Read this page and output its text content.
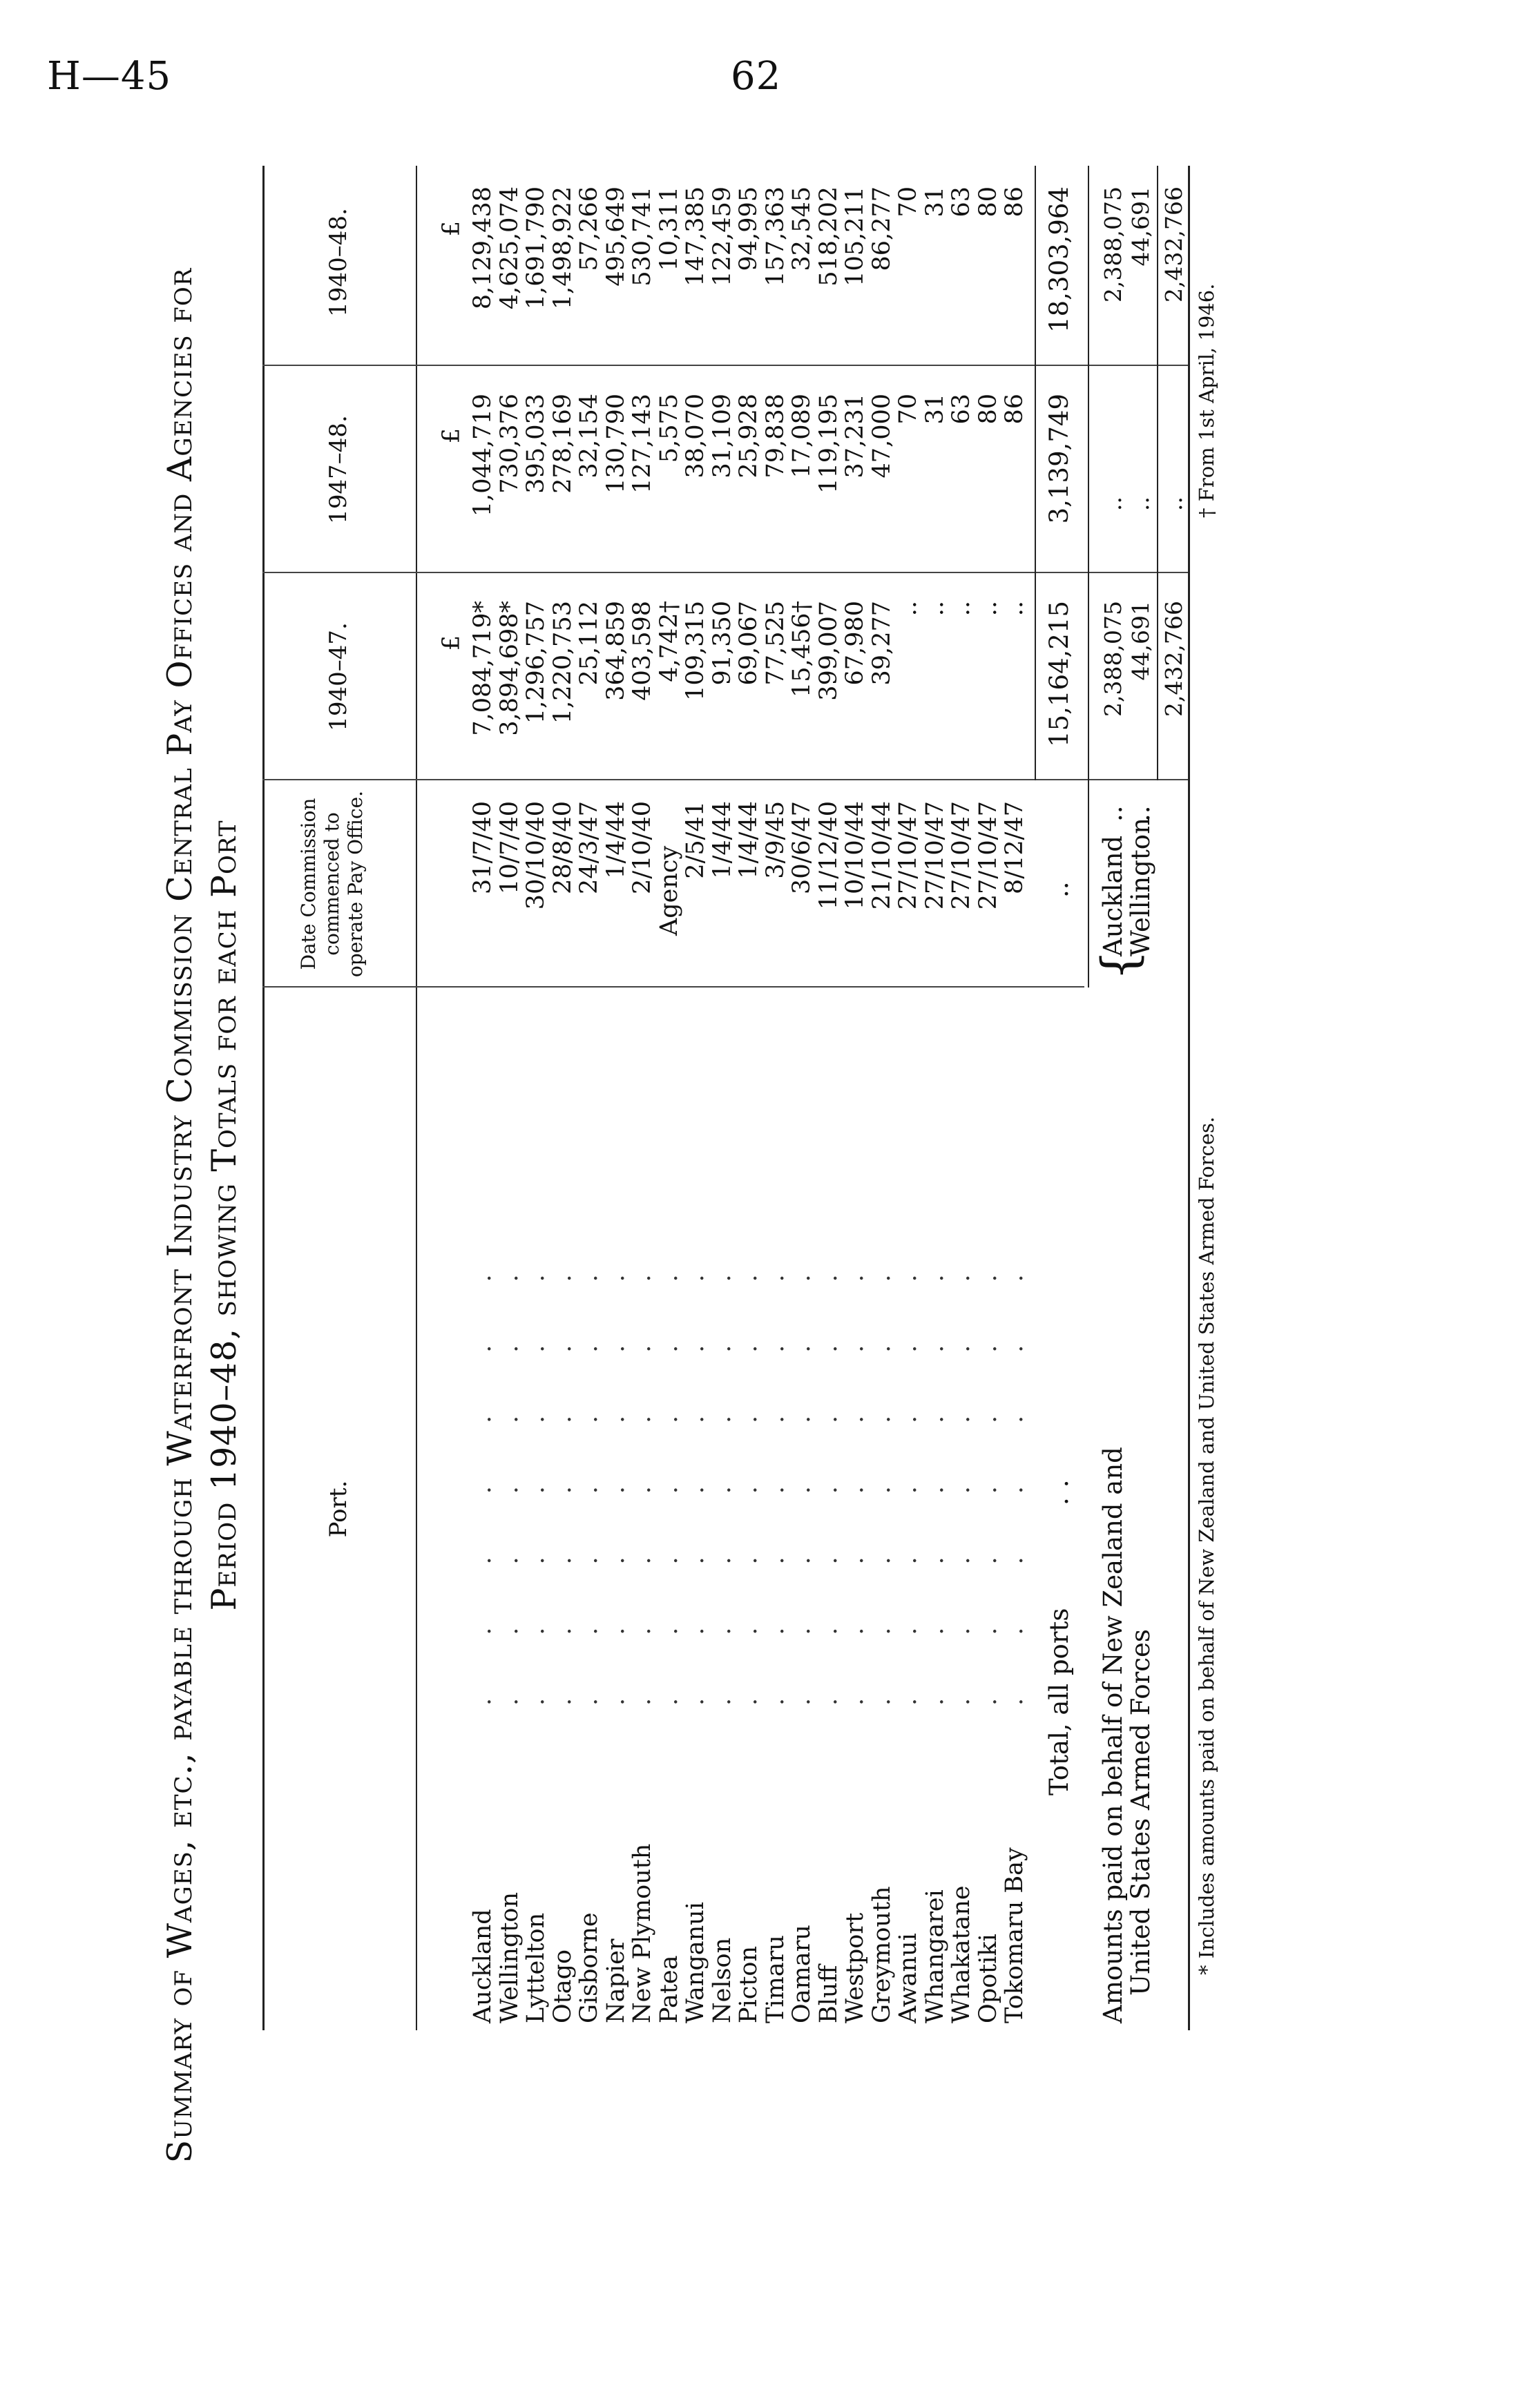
H—45	62
Summary of Wages, etc., payable through Waterfront Industry Commission Central Pay Offices and Agencies for Period 1940–48, showing Totals for each Port	Port.
Date Commission commenced to operate Pay Office.
1940–47.
1947–48.
1940–48.
£
£
£
Auckland
. . . . . . .
Wellington
. . . . . . .
Lyttelton
. . . . . . .
Otago
. . . . . . .
Gisborne
. . . . . . .
Napier
. . . . . . .
New Plymouth
. . . . . . .
Patea
. . . . . . .
Wanganui
. . . . . . .
Nelson
. . . . . . .
Picton
. . . . . . .
Timaru
. . . . . . .
Oamaru
. . . . . . .
Bluff
. . . . . . .
Westport
. . . . . . .
Greymouth
. . . . . . .
Awanui
. . . . . . .
Whangarei
. . . . . . .
Whakatane
. . . . . . .
Opotiki
. . . . . . .
Tokomaru Bay
. . . . . . .
31/7/40
10/7/40
30/10/40
28/8/40
24/3/47
1/4/44
2/10/40
Agency
2/5/41
1/4/44
1/4/44
3/9/45
30/6/47
11/12/40
10/10/44
21/10/44
27/10/47
27/10/47
27/10/47
27/10/47
8/12/47
7,084,719*
3,894,698*
1,296,757
1,220,753
25,112
364,859
403,598
4,742†
109,315
91,350
69,067
77,525
15,456†
399,007
67,980
39,277
..
..
..
..
..
1,044,719
730,376
395,033
278,169
32,154
130,790
127,143
5,575
38,070
31,109
25,928
79,838
17,089
119,195
37,231
47,000
70
31
63
80
86
8,129,438
4,625,074
1,691,790
1,498,922
57,266
495,649
530,741
10,311
147,385
122,459
94,995
157,363
32,545
518,202
105,211
86,277
70
31
63
80
86
Total, all ports
..
..
15,164,215
3,139,749
18,303,964
Amounts paid on behalf of New Zealand and
United States Armed Forces
{
Auckland
Wellington
..
..
2,388,075 44,691
.. ..
2,388,075 44,691
2,432,766
..
2,432,766
* Includes amounts paid on behalf of New Zealand and United States Armed Forces.
† From 1st April, 1946.
